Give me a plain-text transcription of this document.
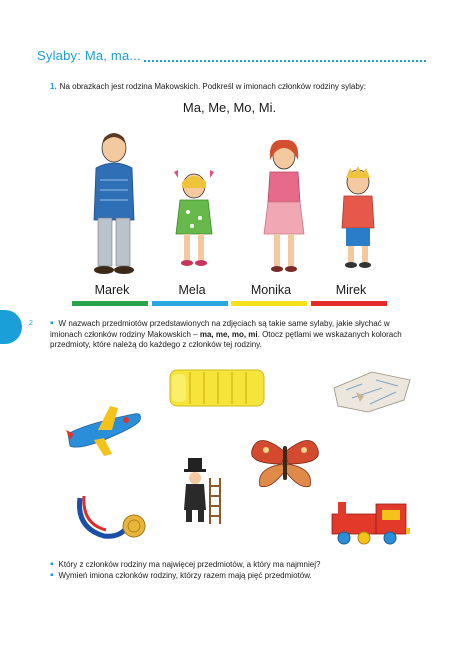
Sylaby: Ma, ma...
1. Na obrazkach jest rodzina Makowskich. Podkreśl w imionach członków rodziny sylaby:
Ma, Me, Mo, Mi.
Marek	Mela	Monika	Mirek
2 ▪ W nazwach przedmiotów przedstawionych na zdjęciach są takie same sylaby, jakie słychać w imionach członków rodziny Makowskich – ma, me, mo, mi. Otocz pętlami we wskazanych kolorach przedmioty, które należą do każdego z członków tej rodziny.
▪ Który z członków rodziny ma najwięcej przedmiotów, a który ma najmniej?
▪ Wymień imiona członków rodziny, którzy razem mają pięć przedmiotów.
